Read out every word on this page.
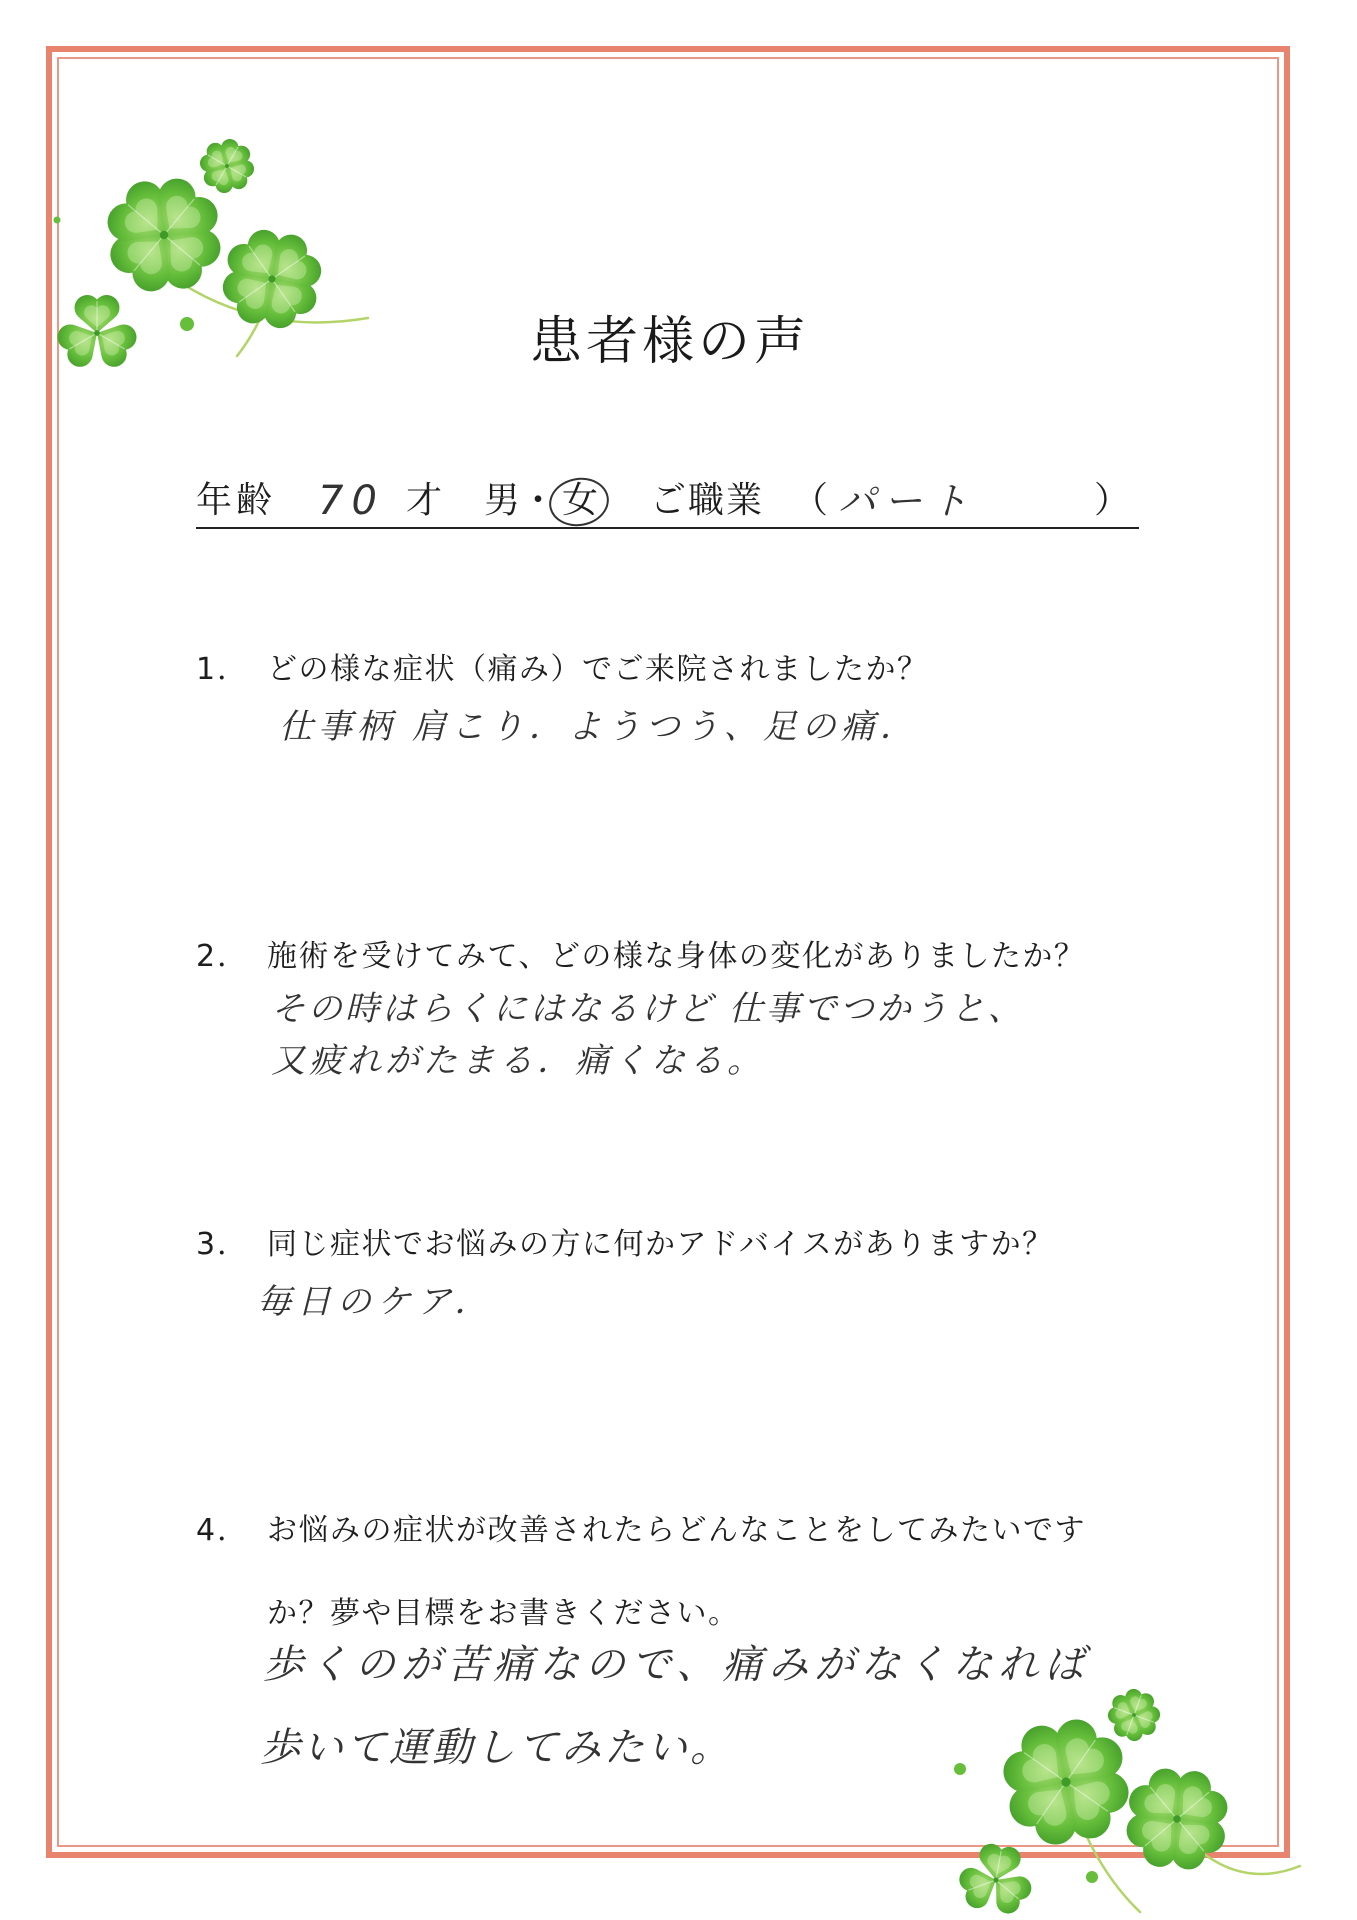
患者様の声
年齢 70 才 男 ・ 女 ご職業 （ パート	）
1． どの様な症状（痛み）でご来院されましたか？
仕事柄 肩こり．ようつう、足の痛．
2． 施術を受けてみて、どの様な身体の変化がありましたか？
その時はらくにはなるけど 仕事でつかうと、
又疲れがたまる．痛くなる。
3． 同じ症状でお悩みの方に何かアドバイスがありますか？
毎日のケア．
4． お悩みの症状が改善されたらどんなことをしてみたいです
か？夢や目標をお書きください。
歩くのが苦痛なので、痛みがなくなれば
歩いて運動してみたい。
